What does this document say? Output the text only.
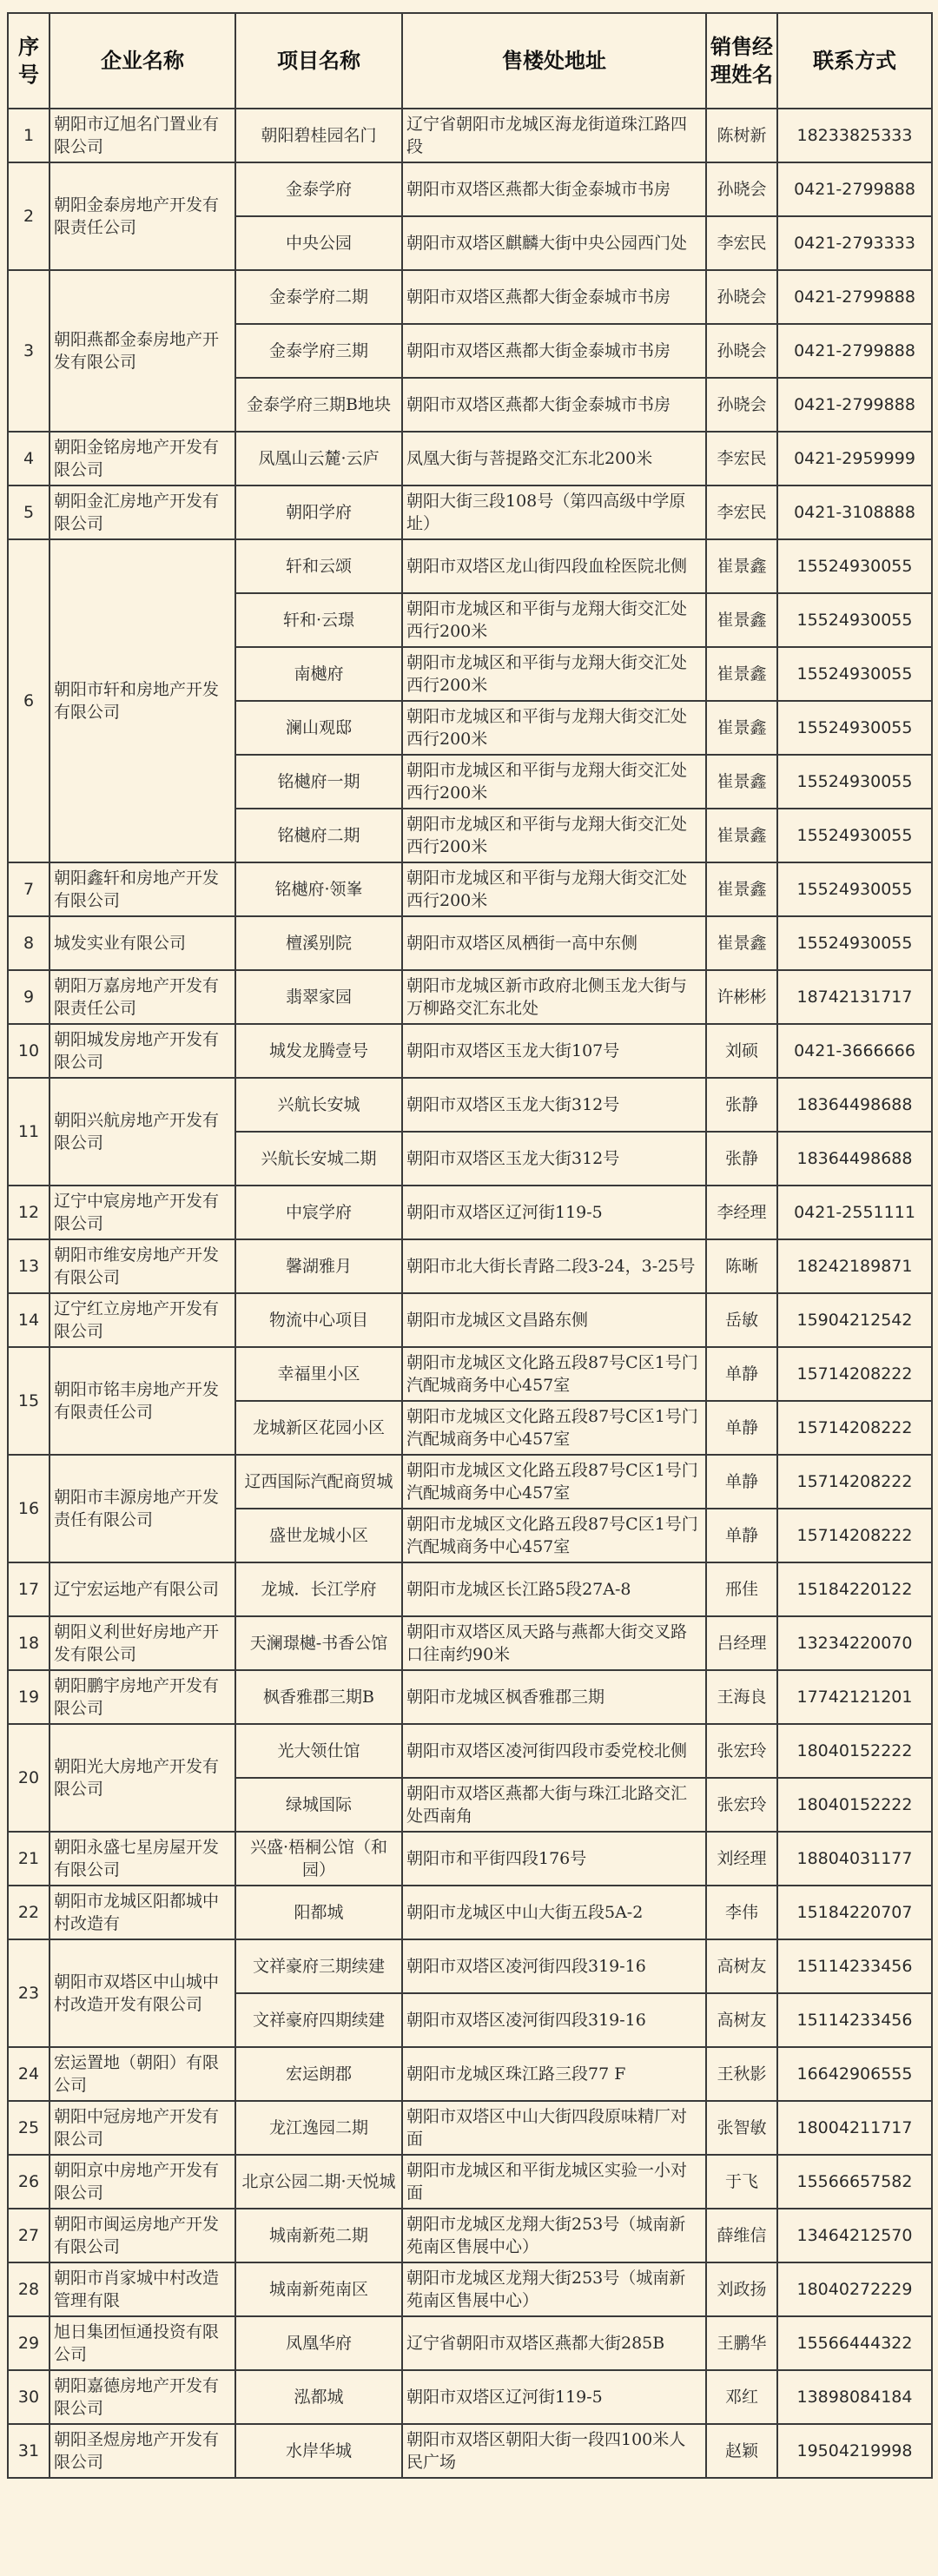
序号	企业名称	项目名称	售楼处地址	销售经理姓名	联系方式
1	朝阳市辽旭名门置业有限公司	朝阳碧桂园名门	辽宁省朝阳市龙城区海龙街道珠江路四段	陈树新	18233825333
2	朝阳金泰房地产开发有限责任公司	金泰学府	朝阳市双塔区燕都大街金泰城市书房	孙晓会	0421-2799888
		中央公园	朝阳市双塔区麒麟大街中央公园西门处	李宏民	0421-2793333
3	朝阳燕都金泰房地产开发有限公司	金泰学府二期	朝阳市双塔区燕都大街金泰城市书房	孙晓会	0421-2799888
		金泰学府三期	朝阳市双塔区燕都大街金泰城市书房	孙晓会	0421-2799888
		金泰学府三期B地块	朝阳市双塔区燕都大街金泰城市书房	孙晓会	0421-2799888
4	朝阳金铭房地产开发有限公司	凤凰山云麓·云庐	凤凰大街与菩提路交汇东北200米	李宏民	0421-2959999
5	朝阳金汇房地产开发有限公司	朝阳学府	朝阳大街三段108号（第四高级中学原址）	李宏民	0421-3108888
6	朝阳市轩和房地产开发有限公司	轩和云颂	朝阳市双塔区龙山街四段血栓医院北侧	崔景鑫	15524930055
		轩和·云璟	朝阳市龙城区和平街与龙翔大街交汇处西行200米	崔景鑫	15524930055
		南樾府	朝阳市龙城区和平街与龙翔大街交汇处西行200米	崔景鑫	15524930055
		澜山观邸	朝阳市龙城区和平街与龙翔大街交汇处西行200米	崔景鑫	15524930055
		铭樾府一期	朝阳市龙城区和平街与龙翔大街交汇处西行200米	崔景鑫	15524930055
		铭樾府二期	朝阳市龙城区和平街与龙翔大街交汇处西行200米	崔景鑫	15524930055
7	朝阳鑫轩和房地产开发有限公司	铭樾府·领峯	朝阳市龙城区和平街与龙翔大街交汇处西行200米	崔景鑫	15524930055
8	城发实业有限公司	檀溪别院	朝阳市双塔区凤栖街一高中东侧	崔景鑫	15524930055
9	朝阳万嘉房地产开发有限责任公司	翡翠家园	朝阳市龙城区新市政府北侧玉龙大街与万柳路交汇东北处	许彬彬	18742131717
10	朝阳城发房地产开发有限公司	城发龙腾壹号	朝阳市双塔区玉龙大街107号	刘硕	0421-3666666
11	朝阳兴航房地产开发有限公司	兴航长安城	朝阳市双塔区玉龙大街312号	张静	18364498688
		兴航长安城二期	朝阳市双塔区玉龙大街312号	张静	18364498688
12	辽宁中宸房地产开发有限公司	中宸学府	朝阳市双塔区辽河街119-5	李经理	0421-2551111
13	朝阳市维安房地产开发有限公司	馨湖雅月	朝阳市北大街长青路二段3-24，3-25号	陈晰	18242189871
14	辽宁红立房地产开发有限公司	物流中心项目	朝阳市龙城区文昌路东侧	岳敏	15904212542
15	朝阳市铭丰房地产开发有限责任公司	幸福里小区	朝阳市龙城区文化路五段87号C区1号门汽配城商务中心457室	单静	15714208222
		龙城新区花园小区	朝阳市龙城区文化路五段87号C区1号门汽配城商务中心457室	单静	15714208222
16	朝阳市丰源房地产开发责任有限公司	辽西国际汽配商贸城	朝阳市龙城区文化路五段87号C区1号门汽配城商务中心457室	单静	15714208222
		盛世龙城小区	朝阳市龙城区文化路五段87号C区1号门汽配城商务中心457室	单静	15714208222
17	辽宁宏运地产有限公司	龙城．长江学府	朝阳市龙城区长江路5段27A-8	邢佳	15184220122
18	朝阳义利世好房地产开发有限公司	天澜璟樾-书香公馆	朝阳市双塔区凤天路与燕都大街交叉路口往南约90米	吕经理	13234220070
19	朝阳鹏宇房地产开发有限公司	枫香雅郡三期B	朝阳市龙城区枫香雅郡三期	王海良	17742121201
20	朝阳光大房地产开发有限公司	光大领仕馆	朝阳市双塔区凌河街四段市委党校北侧	张宏玲	18040152222
		绿城国际	朝阳市双塔区燕都大街与珠江北路交汇处西南角	张宏玲	18040152222
21	朝阳永盛七星房屋开发有限公司	兴盛·梧桐公馆（和园）	朝阳市和平街四段176号	刘经理	18804031177
22	朝阳市龙城区阳都城中村改造有	阳都城	朝阳市龙城区中山大街五段5A-2	李伟	15184220707
23	朝阳市双塔区中山城中村改造开发有限公司	文祥豪府三期续建	朝阳市双塔区凌河街四段319-16	高树友	15114233456
		文祥豪府四期续建	朝阳市双塔区凌河街四段319-16	高树友	15114233456
24	宏运置地（朝阳）有限公司	宏运朗郡	朝阳市龙城区珠江路三段77 F	王秋影	16642906555
25	朝阳中冠房地产开发有限公司	龙江逸园二期	朝阳市双塔区中山大街四段原味精厂对面	张智敏	18004211717
26	朝阳京中房地产开发有限公司	北京公园二期·天悦城	朝阳市龙城区和平街龙城区实验一小对面	于飞	15566657582
27	朝阳市闽运房地产开发有限公司	城南新苑二期	朝阳市龙城区龙翔大街253号（城南新苑南区售展中心）	薛维信	13464212570
28	朝阳市肖家城中村改造管理有限	城南新苑南区	朝阳市龙城区龙翔大街253号（城南新苑南区售展中心）	刘政扬	18040272229
29	旭日集团恒通投资有限公司	凤凰华府	辽宁省朝阳市双塔区燕都大街285B	王鹏华	15566444322
30	朝阳嘉德房地产开发有限公司	泓都城	朝阳市双塔区辽河街119-5	邓红	13898084184
31	朝阳圣煜房地产开发有限公司	水岸华城	朝阳市双塔区朝阳大街一段四100米人民广场	赵颖	19504219998
